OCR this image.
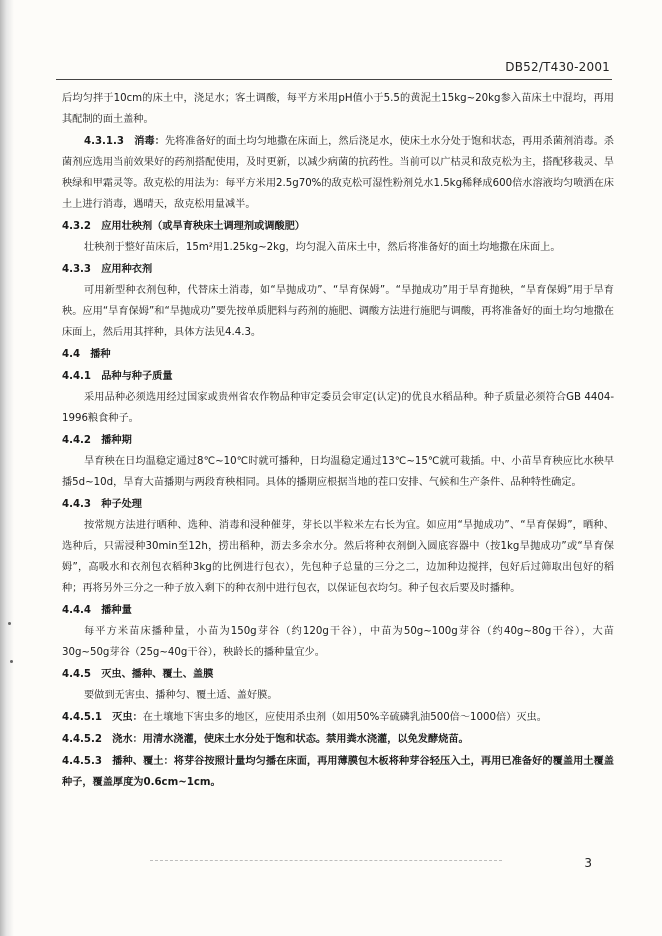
DB52/T430-2001

后均匀拌于10cm的床土中，浇足水；客土调酸，每平方米用pH值小于5.5的黄泥土15kg~20kg参入苗床土中混均，再用其配制的面土盖种。

4.3.1.3　消毒：先将准备好的面土均匀地撒在床面上，然后浇足水，使床土水分处于饱和状态，再用杀菌剂消毒。杀菌剂应选用当前效果好的药剂搭配使用，及时更新，以减少病菌的抗药性。当前可以广枯灵和敌克松为主，搭配移栽灵、旱秧绿和甲霜灵等。敌克松的用法为：每平方米用2.5g70%的敌克松可湿性粉剂兑水1.5kg稀释成600倍水溶液均匀喷洒在床土上进行消毒，遇晴天，敌克松用量减半。

4.3.2　应用壮秧剂（或旱育秧床土调理剂或调酸肥）

壮秧剂于整好苗床后，15m²用1.25kg~2kg，均匀混入苗床土中，然后将准备好的面土均地撒在床面上。

4.3.3　应用种衣剂

可用新型种衣剂包种，代替床土消毒，如“旱抛成功”、“旱育保姆”。“旱抛成功”用于旱育抛秧，“旱育保姆”用于旱育秧。应用“旱育保姆”和“旱抛成功”要先按单质肥料与药剂的施肥、调酸方法进行施肥与调酸，再将准备好的面土均匀地撒在床面上，然后用其拌种，具体方法见4.4.3。

4.4　播种

4.4.1　品种与种子质量

采用品种必须选用经过国家或贵州省农作物品种审定委员会审定(认定)的优良水稻品种。种子质量必须符合GB 4404-1996粮食种子。

4.4.2　播种期

旱育秧在日均温稳定通过8℃~10℃时就可播种，日均温稳定通过13℃~15℃就可栽插。中、小苗旱育秧应比水秧早播5d~10d，旱育大苗播期与两段育秧相同。具体的播期应根据当地的茬口安排、气候和生产条件、品种特性确定。

4.4.3　种子处理

按常规方法进行晒种、选种、消毒和浸种催芽，芽长以半粒米左右长为宜。如应用“旱抛成功”、“旱育保姆”，晒种、选种后，只需浸种30min至12h，捞出稻种，沥去多余水分。然后将种衣剂倒入圆底容器中（按1kg旱抛成功”或“旱育保姆”，高吸水和衣剂包衣稻种3kg的比例进行包衣），先包种子总量的三分之二，边加种边搅拌，包好后过筛取出包好的稻种；再将另外三分之一种子放入剩下的种衣剂中进行包衣，以保证包衣均匀。种子包衣后要及时播种。

4.4.4　播种量

每平方米苗床播种量，小苗为150g芽谷（约120g干谷），中苗为50g~100g芽谷（约40g~80g干谷），大苗30g~50g芽谷（25g~40g干谷），秧龄长的播种量宜少。

4.4.5　灭虫、播种、覆土、盖膜

要做到无害虫、播种匀、覆土适、盖好膜。

4.4.5.1　灭虫：在土壤地下害虫多的地区，应使用杀虫剂（如用50%辛硫磷乳油500倍～1000倍）灭虫。

4.4.5.2　浇水：用清水浇灌，使床土水分处于饱和状态。禁用粪水浇灌，以免发酵烧苗。

4.4.5.3　播种、覆土：将芽谷按照计量均匀播在床面，再用薄膜包木板将种芽谷轻压入土，再用已准备好的覆盖用土覆盖种子，覆盖厚度为0.6cm~1cm。

3
